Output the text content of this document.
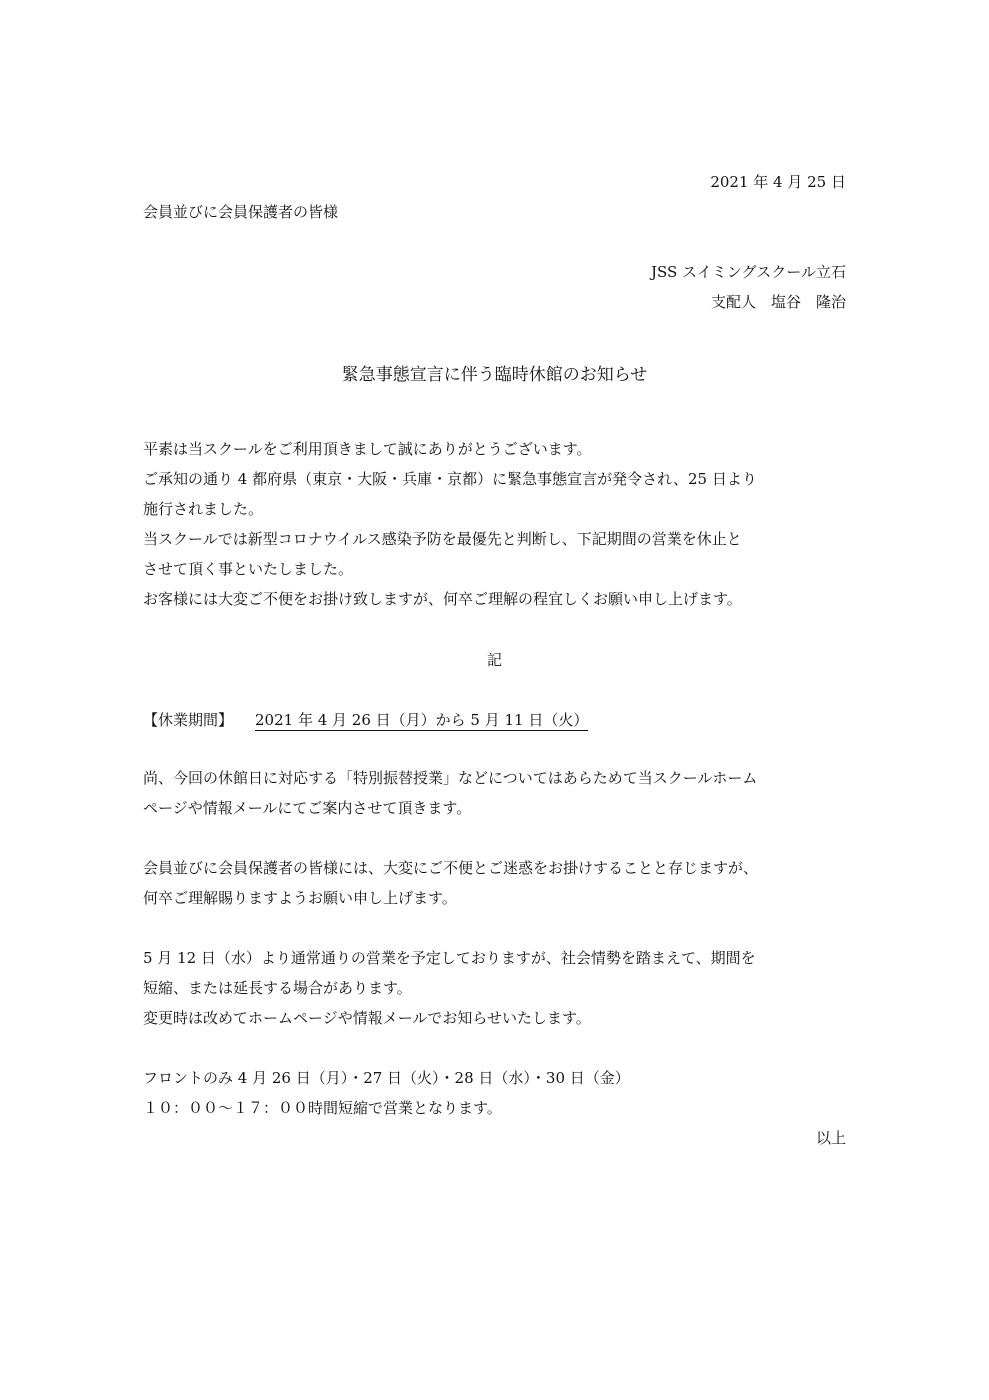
2021 年 4 月 25 日
会員並びに会員保護者の皆様
JSS スイミングスクール立石
支配人　塩谷　隆治
緊急事態宣言に伴う臨時休館のお知らせ
平素は当スクールをご利用頂きまして誠にありがとうございます。
ご承知の通り 4 都府県（東京・大阪・兵庫・京都）に緊急事態宣言が発令され、25 日より
施行されました。
当スクールでは新型コロナウイルス感染予防を最優先と判断し、下記期間の営業を休止と
させて頂く事といたしました。
お客様には大変ご不便をお掛け致しますが、何卒ご理解の程宜しくお願い申し上げます。
記
【休業期間】 2021 年 4 月 26 日（月）から 5 月 11 日（火）
尚、今回の休館日に対応する「特別振替授業」などについてはあらためて当スクールホーム
ページや情報メールにてご案内させて頂きます。
会員並びに会員保護者の皆様には、大変にご不便とご迷惑をお掛けすることと存じますが、
何卒ご理解賜りますようお願い申し上げます。
5 月 12 日（水）より通常通りの営業を予定しておりますが、社会情勢を踏まえて、期間を
短縮、または延長する場合があります。
変更時は改めてホームページや情報メールでお知らせいたします。
フロントのみ 4 月 26 日（月）・27 日（火）・28 日（水）・30 日（金）
１０：００～１７：００時間短縮で営業となります。
以上
